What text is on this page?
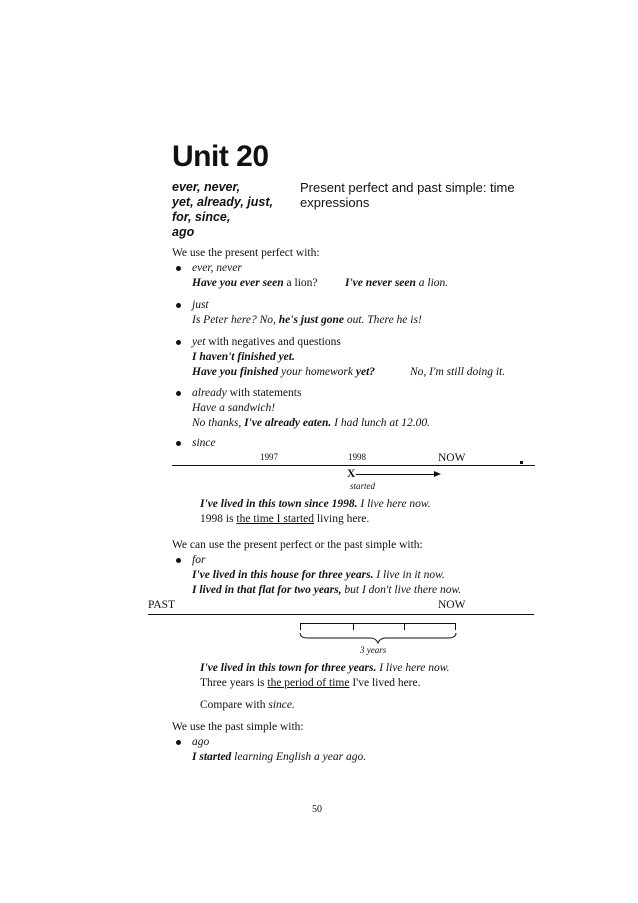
Unit 20
ever, never,
yet, already, just,
for, since,
ago
Present perfect and past simple: time
expressions
We use the present perfect with:
ever, never
Have you ever seen a lion? I've never seen a lion.
just
Is Peter here? No, he's just gone out. There he is!
yet with negatives and questions
I haven't finished yet.
Have you finished your homework yet?	No, I'm still doing it.
already with statements
Have a sandwich!
No thanks, I've already eaten. I had lunch at 12.00.
since
1997	1998	NOW
X
started
I've lived in this town since 1998. I live here now.
1998 is the time I started living here.
We can use the present perfect or the past simple with:
for
I've lived in this house for three years. I live in it now.
I lived in that flat for two years, but I don't live there now.
PAST	NOW
3 years
I've lived in this town for three years. I live here now.
Three years is the period of time I've lived here.
Compare with since.
We use the past simple with:
ago
I started learning English a year ago.
50
